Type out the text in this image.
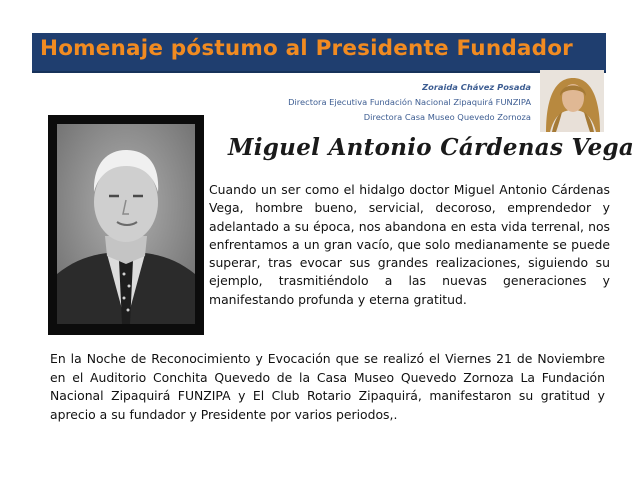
Homenaje póstumo al Presidente Fundador
Zoraida Chávez Posada
Directora Ejecutiva Fundación Nacional Zipaquirá FUNZIPA
Directora Casa Museo Quevedo Zornoza
Miguel Antonio Cárdenas Vega
Cuando un ser como el hidalgo doctor Miguel Antonio Cárdenas Vega, hombre bueno, servicial, decoroso, emprendedor y adelantado a su época, nos abandona en esta vida terrenal, nos enfrentamos a un gran vacío, que solo medianamente se puede superar, tras evocar sus grandes realizaciones, siguiendo su ejemplo, trasmitiéndolo a las nuevas generaciones y manifestando profunda y eterna gratitud.
En la Noche de Reconocimiento y Evocación que se realizó el Viernes 21 de Noviembre en el Auditorio Conchita Quevedo de la Casa Museo Quevedo Zornoza La Fundación Nacional Zipaquirá FUNZIPA y El Club Rotario Zipaquirá, manifestaron su gratitud y aprecio a su fundador y Presidente por varios periodos,.
